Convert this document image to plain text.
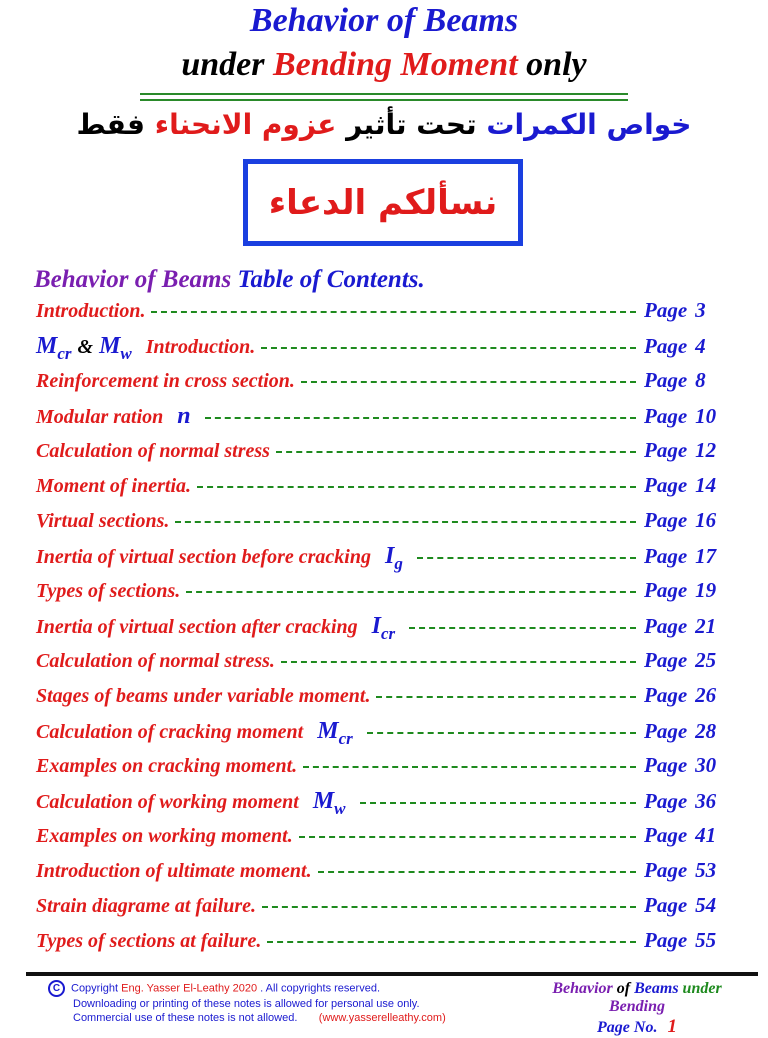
Behavior of Beams
under Bending Moment only
خواص الكمرات تحت تأثير عزوم الانحناء فقط
نسألكم الدعاء
Behavior of Beams Table of Contents.
Introduction.	Page 3
$M_{cr}$ & $M_w$ Introduction.	Page 4
Reinforcement in cross section.	Page 8
Modular ration n	Page 10
Calculation of normal stress	Page 12
Moment of inertia.	Page 14
Virtual sections.	Page 16
Inertia of virtual section before cracking $I_g$	Page 17
Types of sections.	Page 19
Inertia of virtual section after cracking $I_{cr}$	Page 21
Calculation of normal stress.	Page 25
Stages of beams under variable moment.	Page 26
Calculation of cracking moment $M_{cr}$	Page 28
Examples on cracking moment.	Page 30
Calculation of working moment $M_w$	Page 36
Examples on working moment.	Page 41
Introduction of ultimate moment.	Page 53
Strain diagrame at failure.	Page 54
Types of sections at failure.	Page 55
C Copyright Eng. Yasser El-Leathy 2020 . All copyrights reserved.
Downloading or printing of these notes is allowed for personal use only.
Commercial use of these notes is not allowed. (www.yasserelleathy.com)
Behavior of Beams under Bending
Page No. 1
